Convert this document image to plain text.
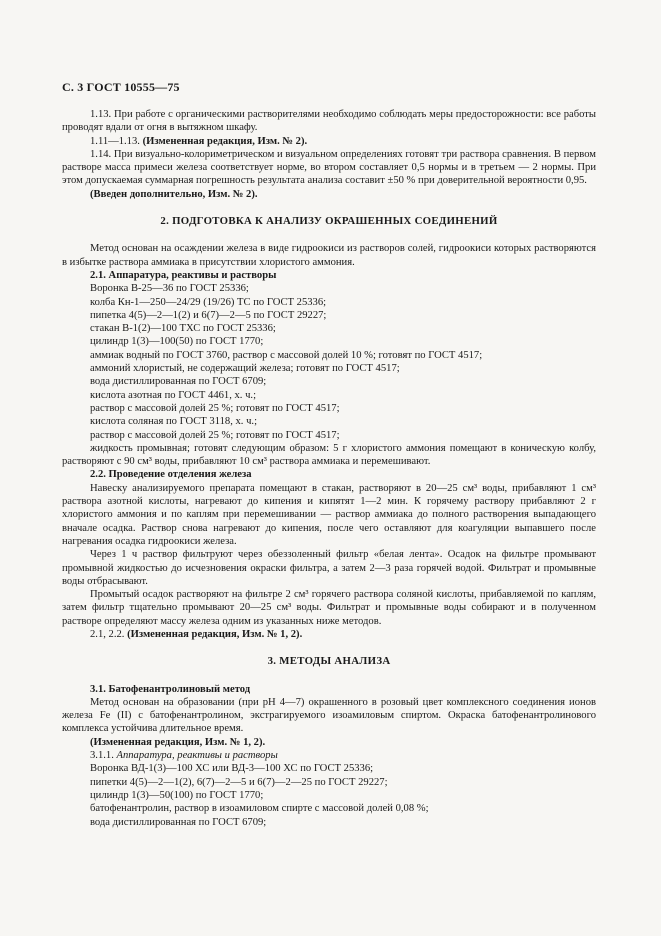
С. 3 ГОСТ 10555—75

1.13. При работе с органическими растворителями необходимо соблюдать меры предосторожности: все работы проводят вдали от огня в вытяжном шкафу.

1.11—1.13. (Измененная редакция, Изм. № 2).

1.14. При визуально-колориметрическом и визуальном определениях готовят три раствора сравнения. В первом растворе масса примеси железа соответствует норме, во втором составляет 0,5 нормы и в третьем — 2 нормы. При этом допускаемая суммарная погрешность результата анализа составит ±50 % при доверительной вероятности 0,95.

(Введен дополнительно, Изм. № 2).

2. ПОДГОТОВКА К АНАЛИЗУ ОКРАШЕННЫХ СОЕДИНЕНИЙ

Метод основан на осаждении железа в виде гидроокиси из растворов солей, гидроокиси которых растворяются в избытке раствора аммиака в присутствии хлористого аммония.

2.1. Аппаратура, реактивы и растворы

Воронка В-25—36 по ГОСТ 25336;

колба Кн-1—250—24/29 (19/26) ТС по ГОСТ 25336;

пипетка 4(5)—2—1(2) и 6(7)—2—5 по ГОСТ 29227;

стакан В-1(2)—100 ТХС по ГОСТ 25336;

цилиндр 1(3)—100(50) по ГОСТ 1770;

аммиак водный по ГОСТ 3760, раствор с массовой долей 10 %; готовят по ГОСТ 4517;

аммоний хлористый, не содержащий железа; готовят по ГОСТ 4517;

вода дистиллированная по ГОСТ 6709;

кислота азотная по ГОСТ 4461, х. ч.;

раствор с массовой долей 25 %; готовят по ГОСТ 4517;

кислота соляная по ГОСТ 3118, х. ч.;

раствор с массовой долей 25 %; готовят по ГОСТ 4517;

жидкость промывная; готовят следующим образом: 5 г хлористого аммония помещают в коническую колбу, растворяют с 90 см³ воды, прибавляют 10 см³ раствора аммиака и перемешивают.

2.2. Проведение отделения железа

Навеску анализируемого препарата помещают в стакан, растворяют в 20—25 см³ воды, прибавляют 1 см³ раствора азотной кислоты, нагревают до кипения и кипятят 1—2 мин. К горячему раствору прибавляют 2 г хлористого аммония и по каплям при перемешивании — раствор аммиака до полного растворения выпадающего вначале осадка. Раствор снова нагревают до кипения, после чего оставляют для коагуляции выпавшего после нагревания осадка гидроокиси железа.

Через 1 ч раствор фильтруют через обеззоленный фильтр «белая лента». Осадок на фильтре промывают промывной жидкостью до исчезновения окраски фильтра, а затем 2—3 раза горячей водой. Фильтрат и промывные воды отбрасывают.

Промытый осадок растворяют на фильтре 2 см³ горячего раствора соляной кислоты, прибавляемой по каплям, затем фильтр тщательно промывают 20—25 см³ воды. Фильтрат и промывные воды собирают и в полученном растворе определяют массу железа одним из указанных ниже методов.

2.1, 2.2. (Измененная редакция, Изм. № 1, 2).

3. МЕТОДЫ АНАЛИЗА

3.1. Батофенантролиновый метод

Метод основан на образовании (при pH 4—7) окрашенного в розовый цвет комплексного соединения ионов железа Fe (II) с батофенантролином, экстрагируемого изоамиловым спиртом. Окраска батофенантролинового комплекса устойчива длительное время.

(Измененная редакция, Изм. № 1, 2).

3.1.1. Аппаратура, реактивы и растворы

Воронка ВД-1(3)—100 ХС или ВД-3—100 ХС по ГОСТ 25336;

пипетки 4(5)—2—1(2), 6(7)—2—5 и 6(7)—2—25 по ГОСТ 29227;

цилиндр 1(3)—50(100) по ГОСТ 1770;

батофенантролин, раствор в изоамиловом спирте с массовой долей 0,08 %;

вода дистиллированная по ГОСТ 6709;
